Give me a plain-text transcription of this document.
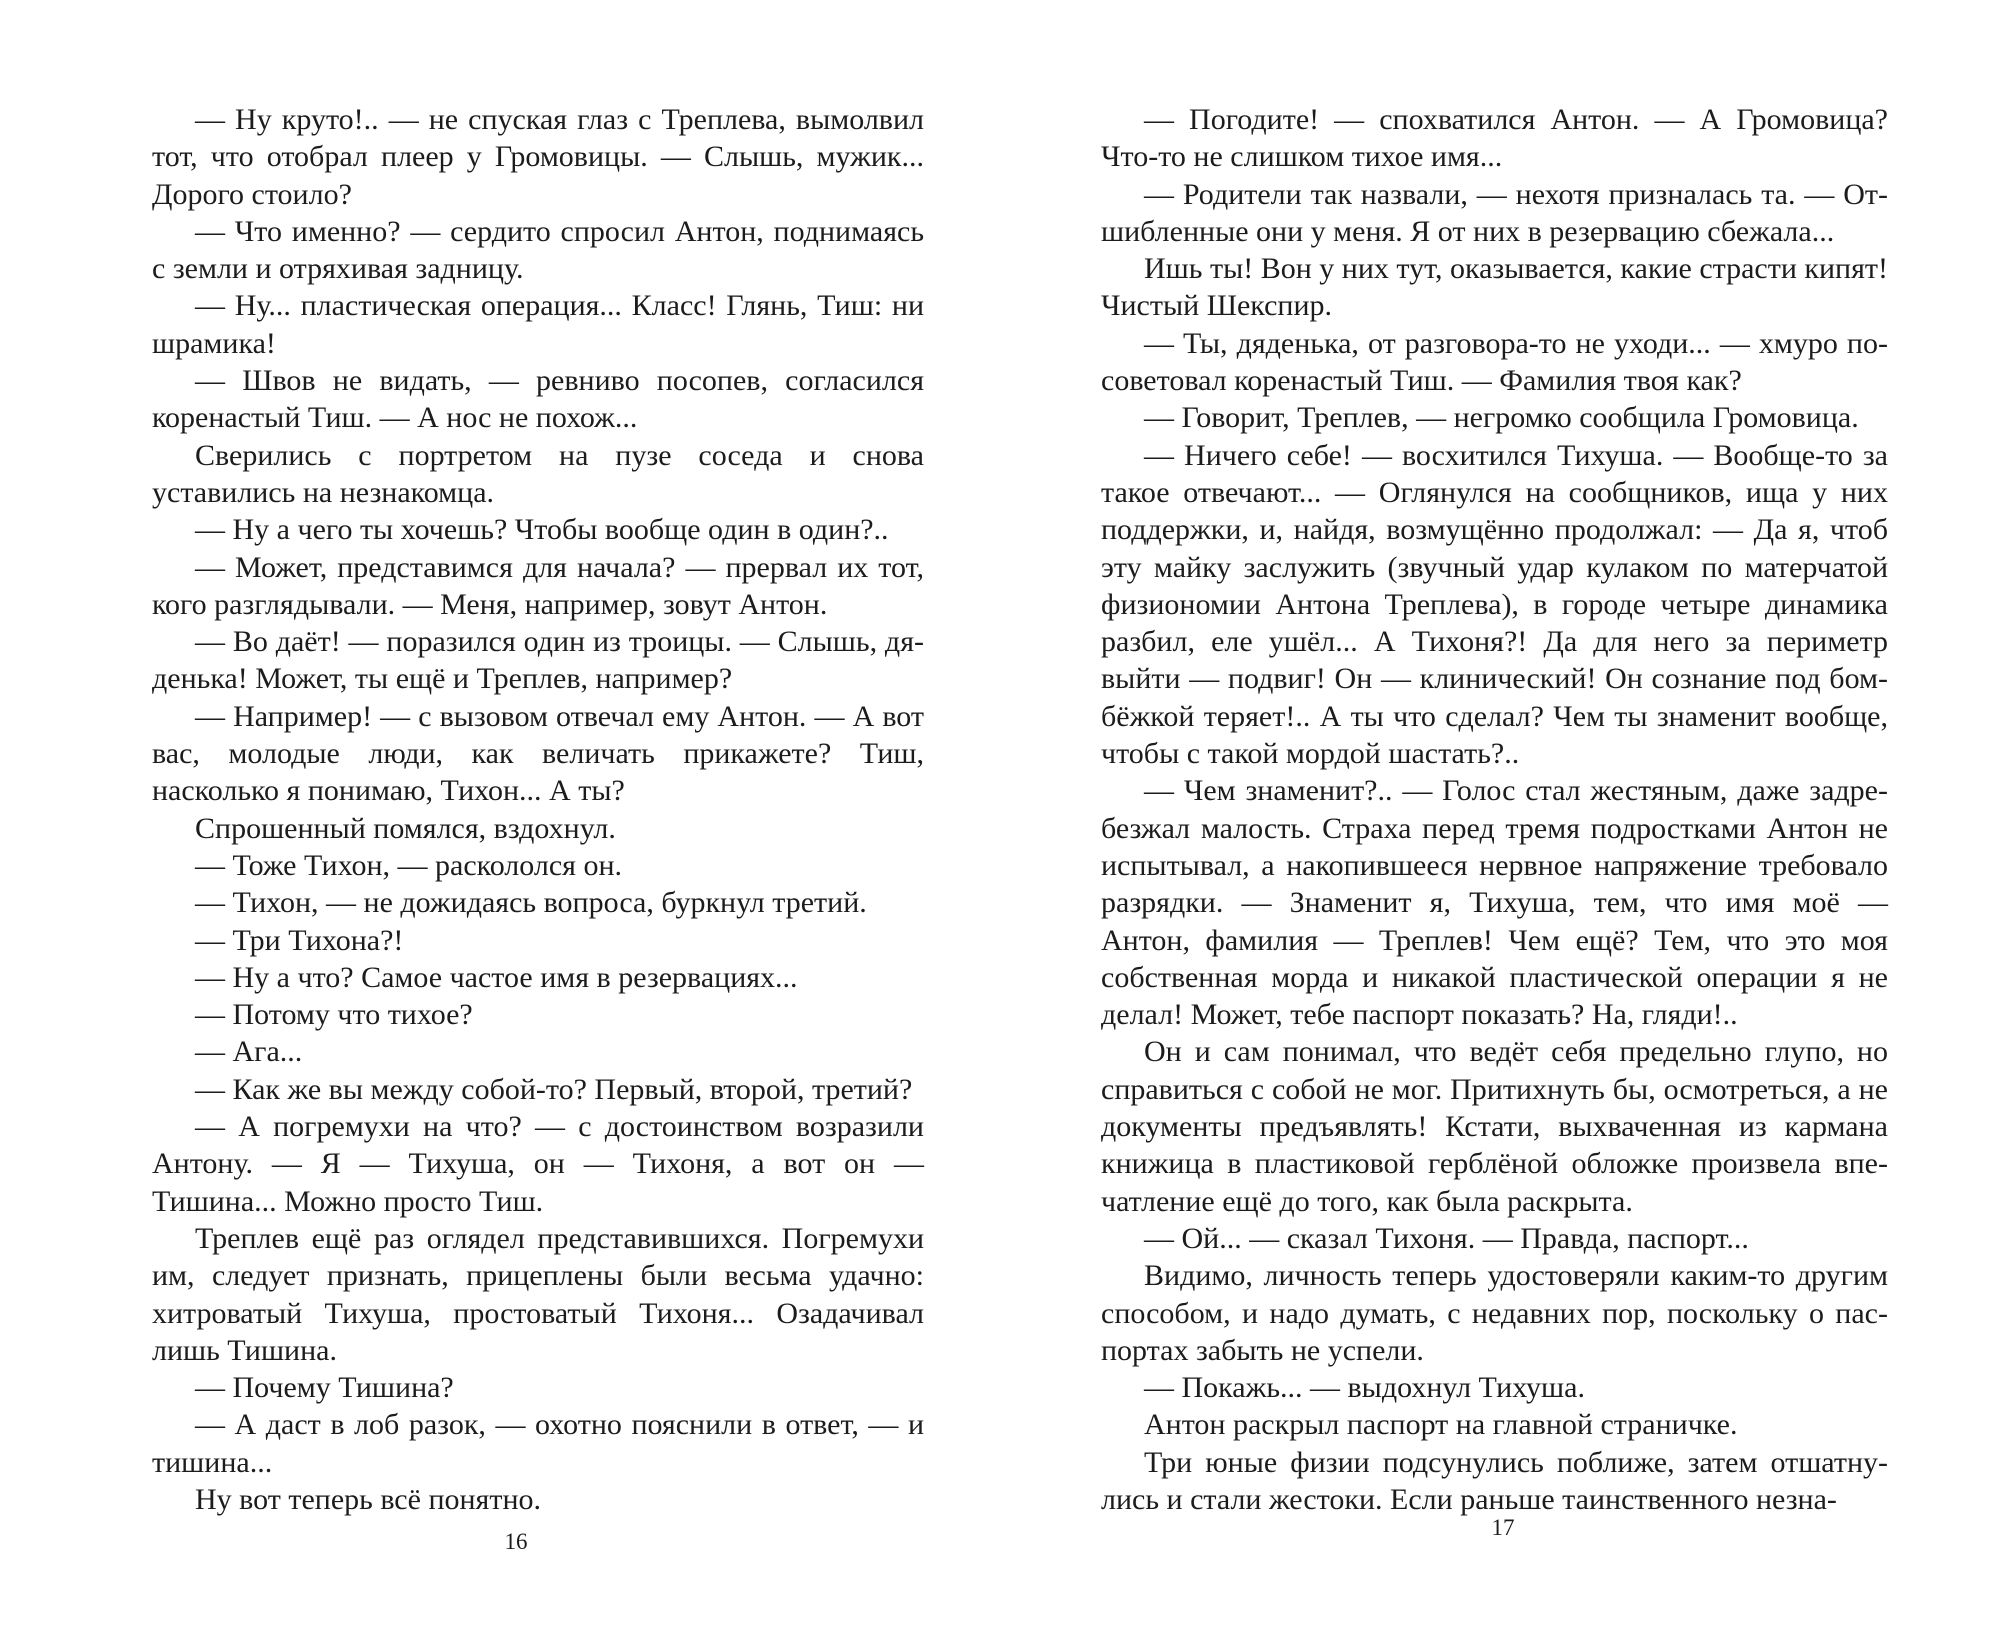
— Ну круто!.. — не спуская глаз с Треплева, вымолвил тот, что отобрал плеер у Громовицы. — Слышь, мужик... Дорого стоило?

— Что именно? — сердито спросил Антон, поднимаясь с земли и отряхивая задницу.

— Ну... пластическая операция... Класс! Глянь, Тиш: ни шрамика!

— Швов не видать, — ревниво посопев, согласился коренастый Тиш. — А нос не похож...

Сверились с портретом на пузе соседа и снова уставились на незнакомца.

— Ну а чего ты хочешь? Чтобы вообще один в один?..

— Может, представимся для начала? — прервал их тот, кого разглядывали. — Меня, например, зовут Антон.

— Во даёт! — поразился один из троицы. — Слышь, дяденька! Может, ты ещё и Треплев, например?

— Например! — с вызовом отвечал ему Антон. — А вот вас, молодые люди, как величать прикажете? Тиш, насколько я понимаю, Тихон... А ты?

Спрошенный помялся, вздохнул.

— Тоже Тихон, — раскололся он.

— Тихон, — не дожидаясь вопроса, буркнул третий.

— Три Тихона?!

— Ну а что? Самое частое имя в резервациях...

— Потому что тихое?

— Ага...

— Как же вы между собой-то? Первый, второй, третий?

— А погремухи на что? — с достоинством возразили Антону. — Я — Тихуша, он — Тихоня, а вот он — Тишина... Можно просто Тиш.

Треплев ещё раз оглядел представившихся. Погремухи им, следует признать, прицеплены были весьма удачно: хитроватый Тихуша, простоватый Тихоня... Озадачивал лишь Тишина.

— Почему Тишина?

— А даст в лоб разок, — охотно пояснили в ответ, — и тишина...

Ну вот теперь всё понятно.

16

— Погодите! — спохватился Антон. — А Громовица? Что-то не слишком тихое имя...

— Родители так назвали, — нехотя призналась та. — Отшибленные они у меня. Я от них в резервацию сбежала...

Ишь ты! Вон у них тут, оказывается, какие страсти кипят! Чистый Шекспир.

— Ты, дяденька, от разговора-то не уходи... — хмуро посоветовал коренастый Тиш. — Фамилия твоя как?

— Говорит, Треплев, — негромко сообщила Громовица.

— Ничего себе! — восхитился Тихуша. — Вообще-то за такое отвечают... — Оглянулся на сообщников, ища у них поддержки, и, найдя, возмущённо продолжал: — Да я, чтоб эту майку заслужить (звучный удар кулаком по матерчатой физиономии Антона Треплева), в городе четыре динамика разбил, еле ушёл... А Тихоня?! Да для него за периметр выйти — подвиг! Он — клинический! Он сознание под бомбёжкой теряет!.. А ты что сделал? Чем ты знаменит вообще, чтобы с такой мордой шастать?..

— Чем знаменит?.. — Голос стал жестяным, даже задребезжал малость. Страха перед тремя подростками Антон не испытывал, а накопившееся нервное напряжение требовало разрядки. — Знаменит я, Тихуша, тем, что имя моё — Антон, фамилия — Треплев! Чем ещё? Тем, что это моя собственная морда и никакой пластической операции я не делал! Может, тебе паспорт показать? На, гляди!..

Он и сам понимал, что ведёт себя предельно глупо, но справиться с собой не мог. Притихнуть бы, осмотреться, а не документы предъявлять! Кстати, выхваченная из кармана книжица в пластиковой герблёной обложке произвела впечатление ещё до того, как была раскрыта.

— Ой... — сказал Тихоня. — Правда, паспорт...

Видимо, личность теперь удостоверяли каким-то другим способом, и надо думать, с недавних пор, поскольку о паспортах забыть не успели.

— Покажь... — выдохнул Тихуша.

Антон раскрыл паспорт на главной страничке.

Три юные физии подсунулись поближе, затем отшатнулись и стали жестоки. Если раньше таинственного незна-

17
